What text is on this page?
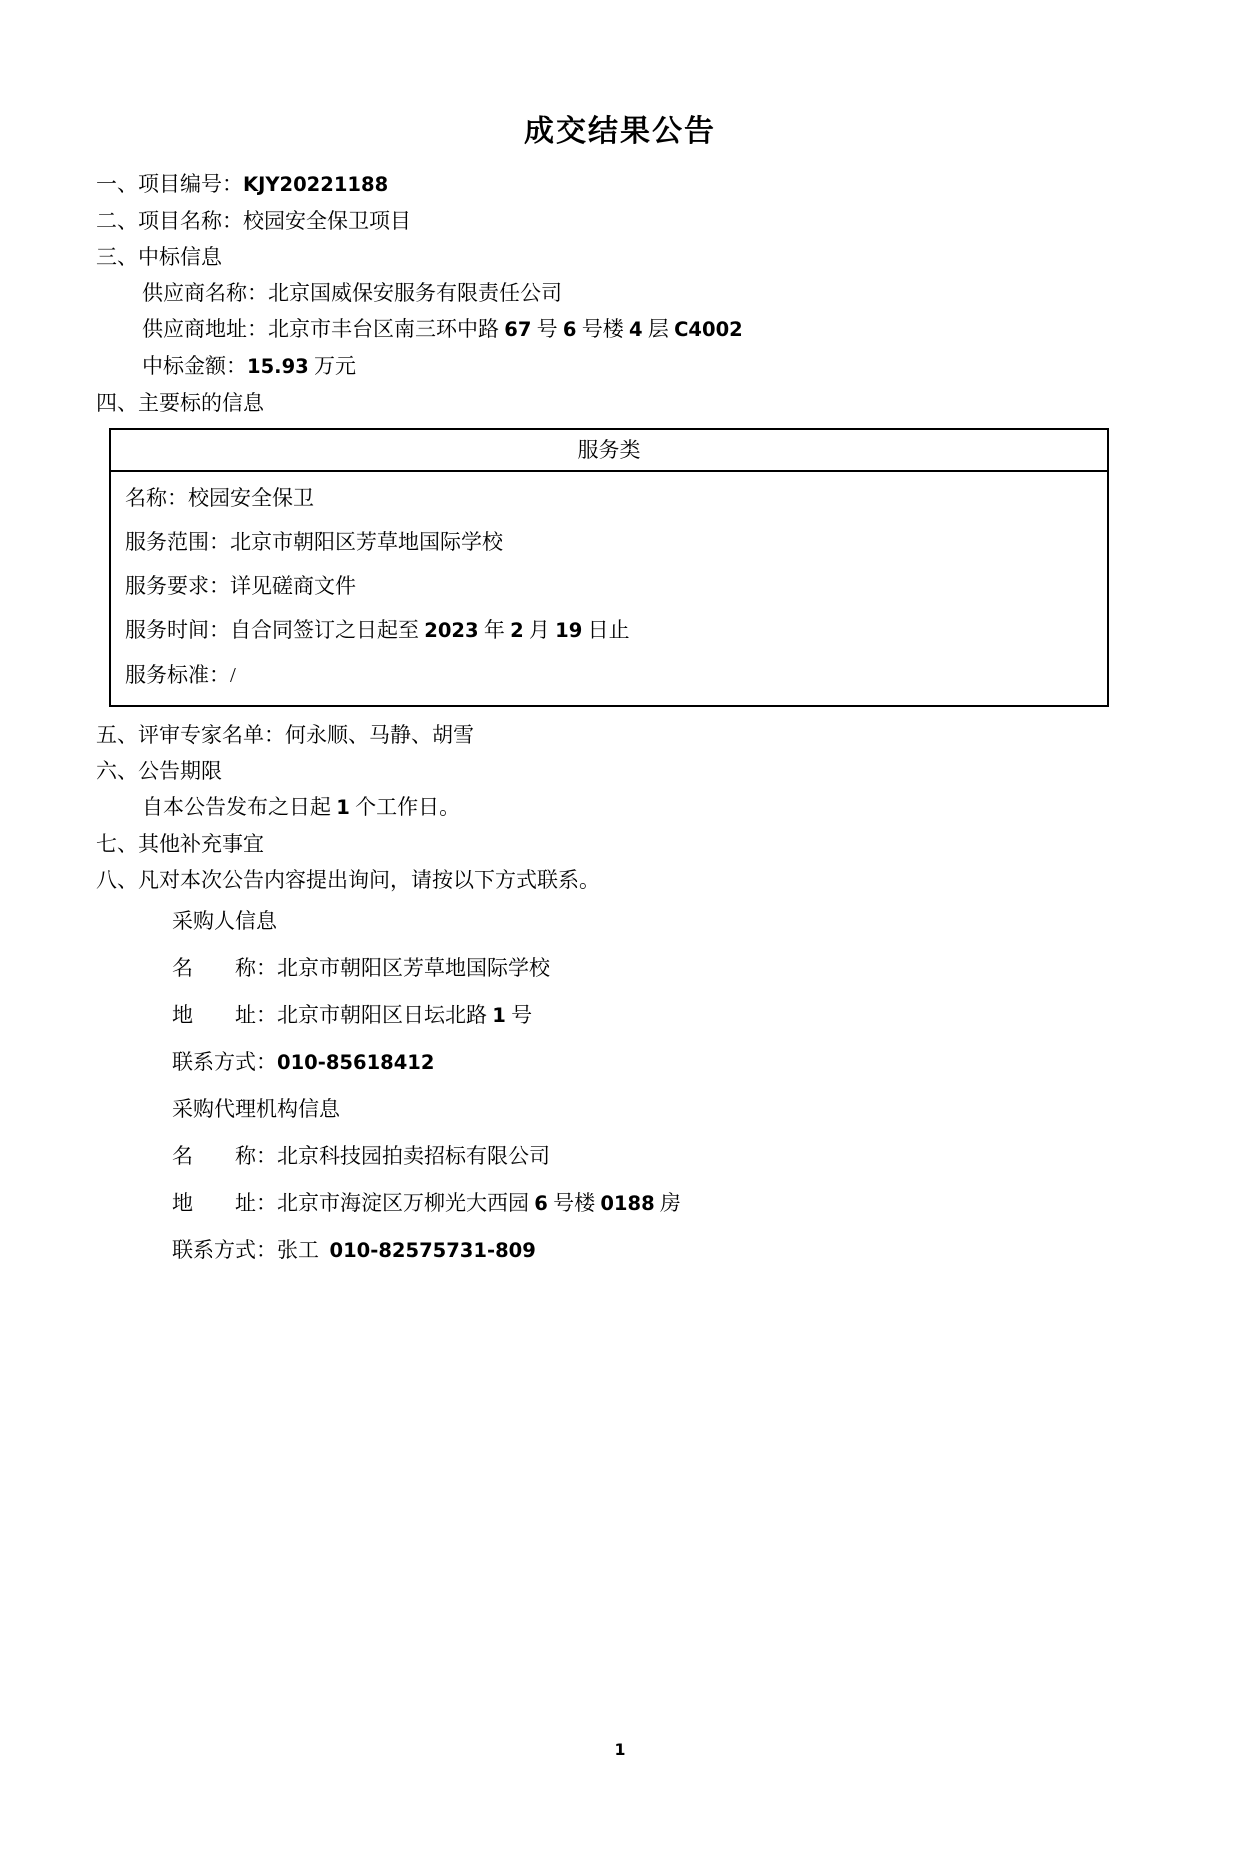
成交结果公告
一、项目编号：KJY20221188
二、项目名称：校园安全保卫项目
三、中标信息
供应商名称：北京国威保安服务有限责任公司
供应商地址：北京市丰台区南三环中路 67 号 6 号楼 4 层 C4002
中标金额：15.93 万元
四、主要标的信息
服务类
名称：校园安全保卫
服务范围：北京市朝阳区芳草地国际学校
服务要求：详见磋商文件
服务时间：自合同签订之日起至 2023 年 2 月 19 日止
服务标准：/
五、评审专家名单：何永顺、马静、胡雪
六、公告期限
自本公告发布之日起 1 个工作日。
七、其他补充事宜
八、凡对本次公告内容提出询问，请按以下方式联系。
采购人信息
名　　称：北京市朝阳区芳草地国际学校
地　　址：北京市朝阳区日坛北路 1 号
联系方式：010-85618412
采购代理机构信息
名　　称：北京科技园拍卖招标有限公司
地　　址：北京市海淀区万柳光大西园 6 号楼 0188 房
联系方式：张工  010-82575731-809
1
